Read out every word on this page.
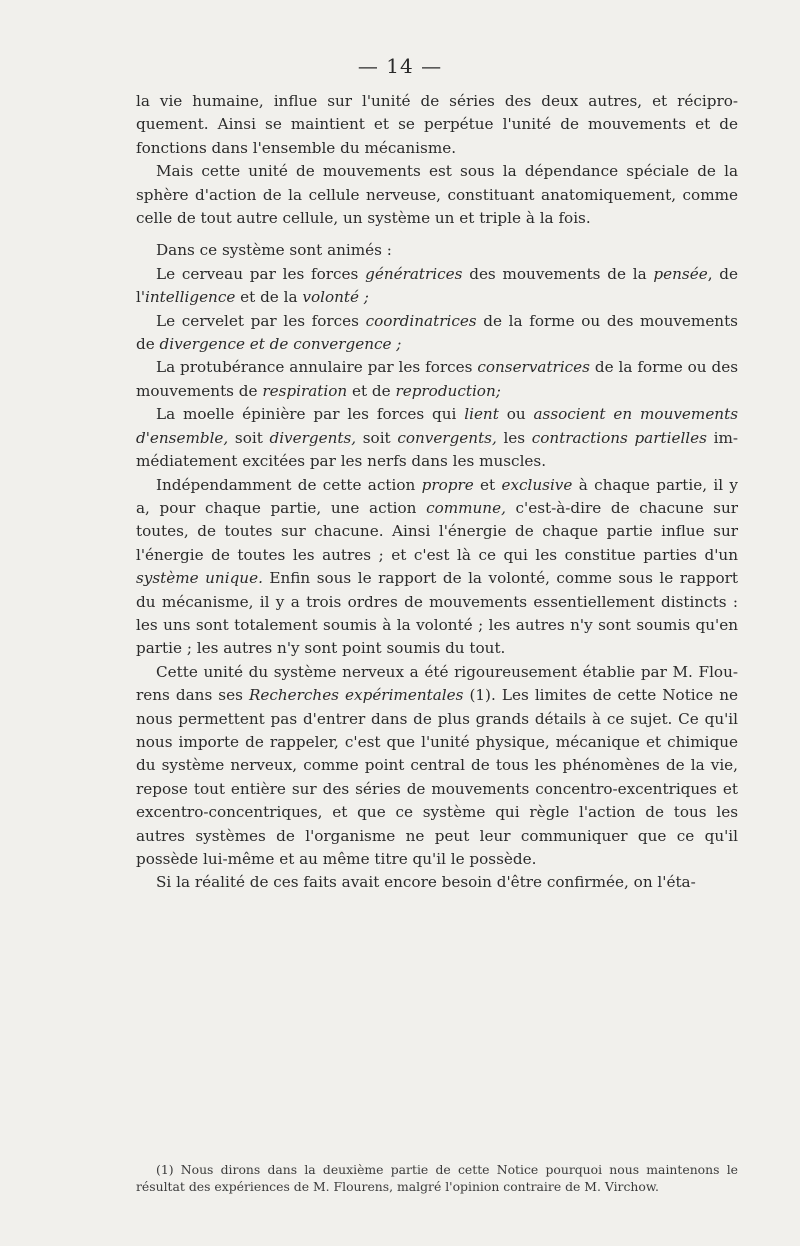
— 14 —

la vie humaine, influe sur l'unité de séries des deux autres, et réciproquement. Ainsi se maintient et se perpétue l'unité de mouvements et de fonctions dans l'ensemble du mécanisme.

Mais cette unité de mouvements est sous la dépendance spéciale de la sphère d'action de la cellule nerveuse, constituant anatomiquement, comme celle de tout autre cellule, un système un et triple à la fois.

Dans ce système sont animés :

Le cerveau par les forces génératrices des mouvements de la pensée, de l'intelligence et de la volonté ;

Le cervelet par les forces coordinatrices de la forme ou des mouvements de divergence et de convergence ;

La protubérance annulaire par les forces conservatrices de la forme ou des mouvements de respiration et de reproduction;

La moelle épinière par les forces qui lient ou associent en mouvements d'ensemble, soit divergents, soit convergents, les contractions partielles immédiatement excitées par les nerfs dans les muscles.

Indépendamment de cette action propre et exclusive à chaque partie, il y a, pour chaque partie, une action commune, c'est-à-dire de chacune sur toutes, de toutes sur chacune. Ainsi l'énergie de chaque partie influe sur l'énergie de toutes les autres ; et c'est là ce qui les constitue parties d'un système unique. Enfin sous le rapport de la volonté, comme sous le rapport du mécanisme, il y a trois ordres de mouvements essentiellement distincts : les uns sont totalement soumis à la volonté ; les autres n'y sont soumis qu'en partie ; les autres n'y sont point soumis du tout.

Cette unité du système nerveux a été rigoureusement établie par M. Flourens dans ses Recherches expérimentales (1). Les limites de cette Notice ne nous permettent pas d'entrer dans de plus grands détails à ce sujet. Ce qu'il nous importe de rappeler, c'est que l'unité physique, mécanique et chimique du système nerveux, comme point central de tous les phénomènes de la vie, repose tout entière sur des séries de mouvements concentro-excentriques et excentro-concentriques, et que ce système qui règle l'action de tous les autres systèmes de l'organisme ne peut leur communiquer que ce qu'il possède lui-même et au même titre qu'il le possède.

Si la réalité de ces faits avait encore besoin d'être confirmée, on l'éta-

(1) Nous dirons dans la deuxième partie de cette Notice pourquoi nous maintenons le résultat des expériences de M. Flourens, malgré l'opinion contraire de M. Virchow.
